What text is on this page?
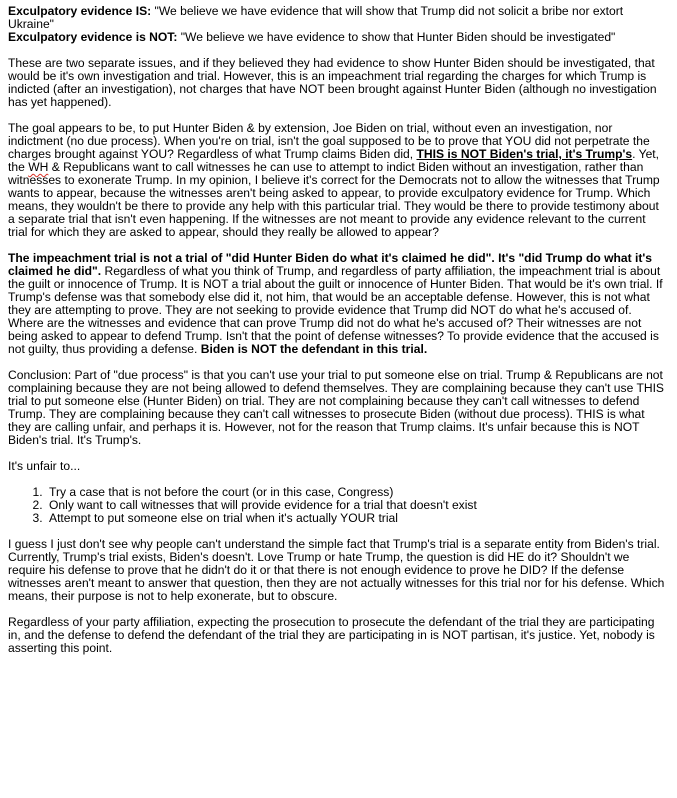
Exculpatory evidence IS: "We believe we have evidence that will show that Trump did not solicit a bribe nor extort Ukraine"

Exculpatory evidence is NOT: "We believe we have evidence to show that Hunter Biden should be investigated"

These are two separate issues, and if they believed they had evidence to show Hunter Biden should be investigated, that would be it's own investigation and trial. However, this is an impeachment trial regarding the charges for which Trump is indicted (after an investigation), not charges that have NOT been brought against Hunter Biden (although no investigation has yet happened).

The goal appears to be, to put Hunter Biden & by extension, Joe Biden on trial, without even an investigation, nor indictment (no due process). When you're on trial, isn't the goal supposed to be to prove that YOU did not perpetrate the charges brought against YOU? Regardless of what Trump claims Biden did, THIS is NOT Biden's trial, it's Trump's. Yet, the WH & Republicans want to call witnesses he can use to attempt to indict Biden without an investigation, rather than witnesses to exonerate Trump. In my opinion, I believe it's correct for the Democrats not to allow the witnesses that Trump wants to appear, because the witnesses aren't being asked to appear, to provide exculpatory evidence for Trump. Which means, they wouldn't be there to provide any help with this particular trial. They would be there to provide testimony about a separate trial that isn't even happening. If the witnesses are not meant to provide any evidence relevant to the current trial for which they are asked to appear, should they really be allowed to appear?

The impeachment trial is not a trial of "did Hunter Biden do what it's claimed he did". It's "did Trump do what it's claimed he did". Regardless of what you think of Trump, and regardless of party affiliation, the impeachment trial is about the guilt or innocence of Trump. It is NOT a trial about the guilt or innocence of Hunter Biden. That would be it's own trial. If Trump's defense was that somebody else did it, not him, that would be an acceptable defense. However, this is not what they are attempting to prove. They are not seeking to provide evidence that Trump did NOT do what he's accused of. Where are the witnesses and evidence that can prove Trump did not do what he's accused of? Their witnesses are not being asked to appear to defend Trump. Isn't that the point of defense witnesses? To provide evidence that the accused is not guilty, thus providing a defense. Biden is NOT the defendant in this trial.

Conclusion: Part of "due process" is that you can't use your trial to put someone else on trial. Trump & Republicans are not complaining because they are not being allowed to defend themselves. They are complaining because they can't use THIS trial to put someone else (Hunter Biden) on trial. They are not complaining because they can't call witnesses to defend Trump. They are complaining because they can't call witnesses to prosecute Biden (without due process). THIS is what they are calling unfair, and perhaps it is. However, not for the reason that Trump claims. It's unfair because this is NOT Biden's trial. It's Trump's.

It's unfair to...

1. Try a case that is not before the court (or in this case, Congress)
2. Only want to call witnesses that will provide evidence for a trial that doesn't exist
3. Attempt to put someone else on trial when it's actually YOUR trial

I guess I just don't see why people can't understand the simple fact that Trump's trial is a separate entity from Biden's trial. Currently, Trump's trial exists, Biden's doesn't. Love Trump or hate Trump, the question is did HE do it? Shouldn't we require his defense to prove that he didn't do it or that there is not enough evidence to prove he DID? If the defense witnesses aren't meant to answer that question, then they are not actually witnesses for this trial nor for his defense. Which means, their purpose is not to help exonerate, but to obscure.

Regardless of your party affiliation, expecting the prosecution to prosecute the defendant of the trial they are participating in, and the defense to defend the defendant of the trial they are participating in is NOT partisan, it's justice. Yet, nobody is asserting this point.
